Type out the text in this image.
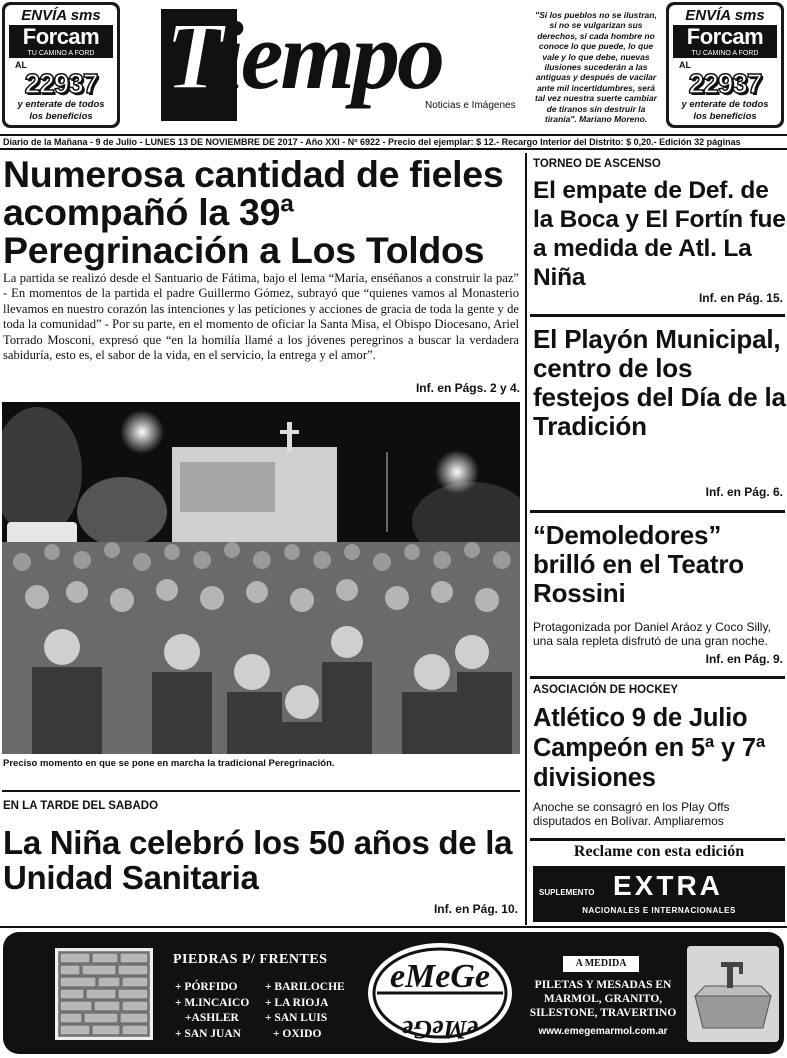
ENVÍA sms
Forcam
TU CAMINO A FORD
AL
22937
y enterate de todos
los beneficios
Tiempo
Noticias e Imágenes
"Si los pueblos no se ilustran, si no se vulgarizan sus derechos, si cada hombre no conoce lo que puede, lo que vale y lo que debe, nuevas ilusiones sucederán a las antiguas y después de vacilar ante mil incertidumbres, será tal vez nuestra suerte cambiar de tiranos sin destruir la tiranía". Mariano Moreno.
ENVÍA sms
Forcam
TU CAMINO A FORD
AL
22937
y enterate de todos
los beneficios
Diario de la Mañana - 9 de Julio - LUNES 13 DE NOVIEMBRE DE 2017 - Año XXI - Nº 6922 - Precio del ejemplar: $ 12.- Recargo Interior del Distrito: $ 0,20.- Edición 32 páginas
Numerosa cantidad de fieles acompañó la 39ª Peregrinación a Los Toldos

La partida se realizó desde el Santuario de Fátima, bajo el lema “María, enséñanos a construir la paz” - En momentos de la partida el padre Guillermo Gómez, subrayó que “quienes vamos al Monasterio llevamos en nuestro corazón las intenciones y las peticiones y acciones de gracia de toda la gente y de toda la comunidad” - Por su parte, en el momento de oficiar la Santa Misa, el Obispo Diocesano, Ariel Torrado Mosconi, expresó que “en la homilía llamé a los jóvenes peregrinos a buscar la verdadera sabiduría, esto es, el sabor de la vida, en el servicio, la entrega y el amor”.

Inf. en Págs. 2 y 4.
Preciso momento en que se pone en marcha la tradicional Peregrinación.
EN LA TARDE DEL SABADO
La Niña celebró los 50 años de la Unidad Sanitaria
Inf. en Pág. 10.
TORNEO DE ASCENSO
El empate de Def. de la Boca y El Fortín fue a medida de Atl. La Niña
Inf. en Pág. 15.
El Playón Municipal, centro de los festejos del Día de la Tradición
Inf. en Pág. 6.
“Demoledores” brilló en el Teatro Rossini

Protagonizada por Daniel Aráoz y Coco Silly, una sala repleta disfrutó de una gran noche.

Inf. en Pág. 9.
ASOCIACIÓN DE HOCKEY
Atlético 9 de Julio Campeón en 5ª y 7ª divisiones

Anoche se consagró en los Play Offs disputados en Bolívar. Ampliaremos

Reclame con esta edición
SUPLEMENTO EXTRA
NACIONALES E INTERNACIONALES
PIEDRAS P/ FRENTES
+ PÓRFIDO
+ M.INCAICO
+ASHLER
+ SAN JUAN
+ BARILOCHE
+ LA RIOJA
+ SAN LUIS
+ OXIDO
eMeGe
eMeGe
A MEDIDA
PILETAS Y MESADAS EN MARMOL, GRANITO, SILESTONE, TRAVERTINO
www.emegemarmol.com.ar
